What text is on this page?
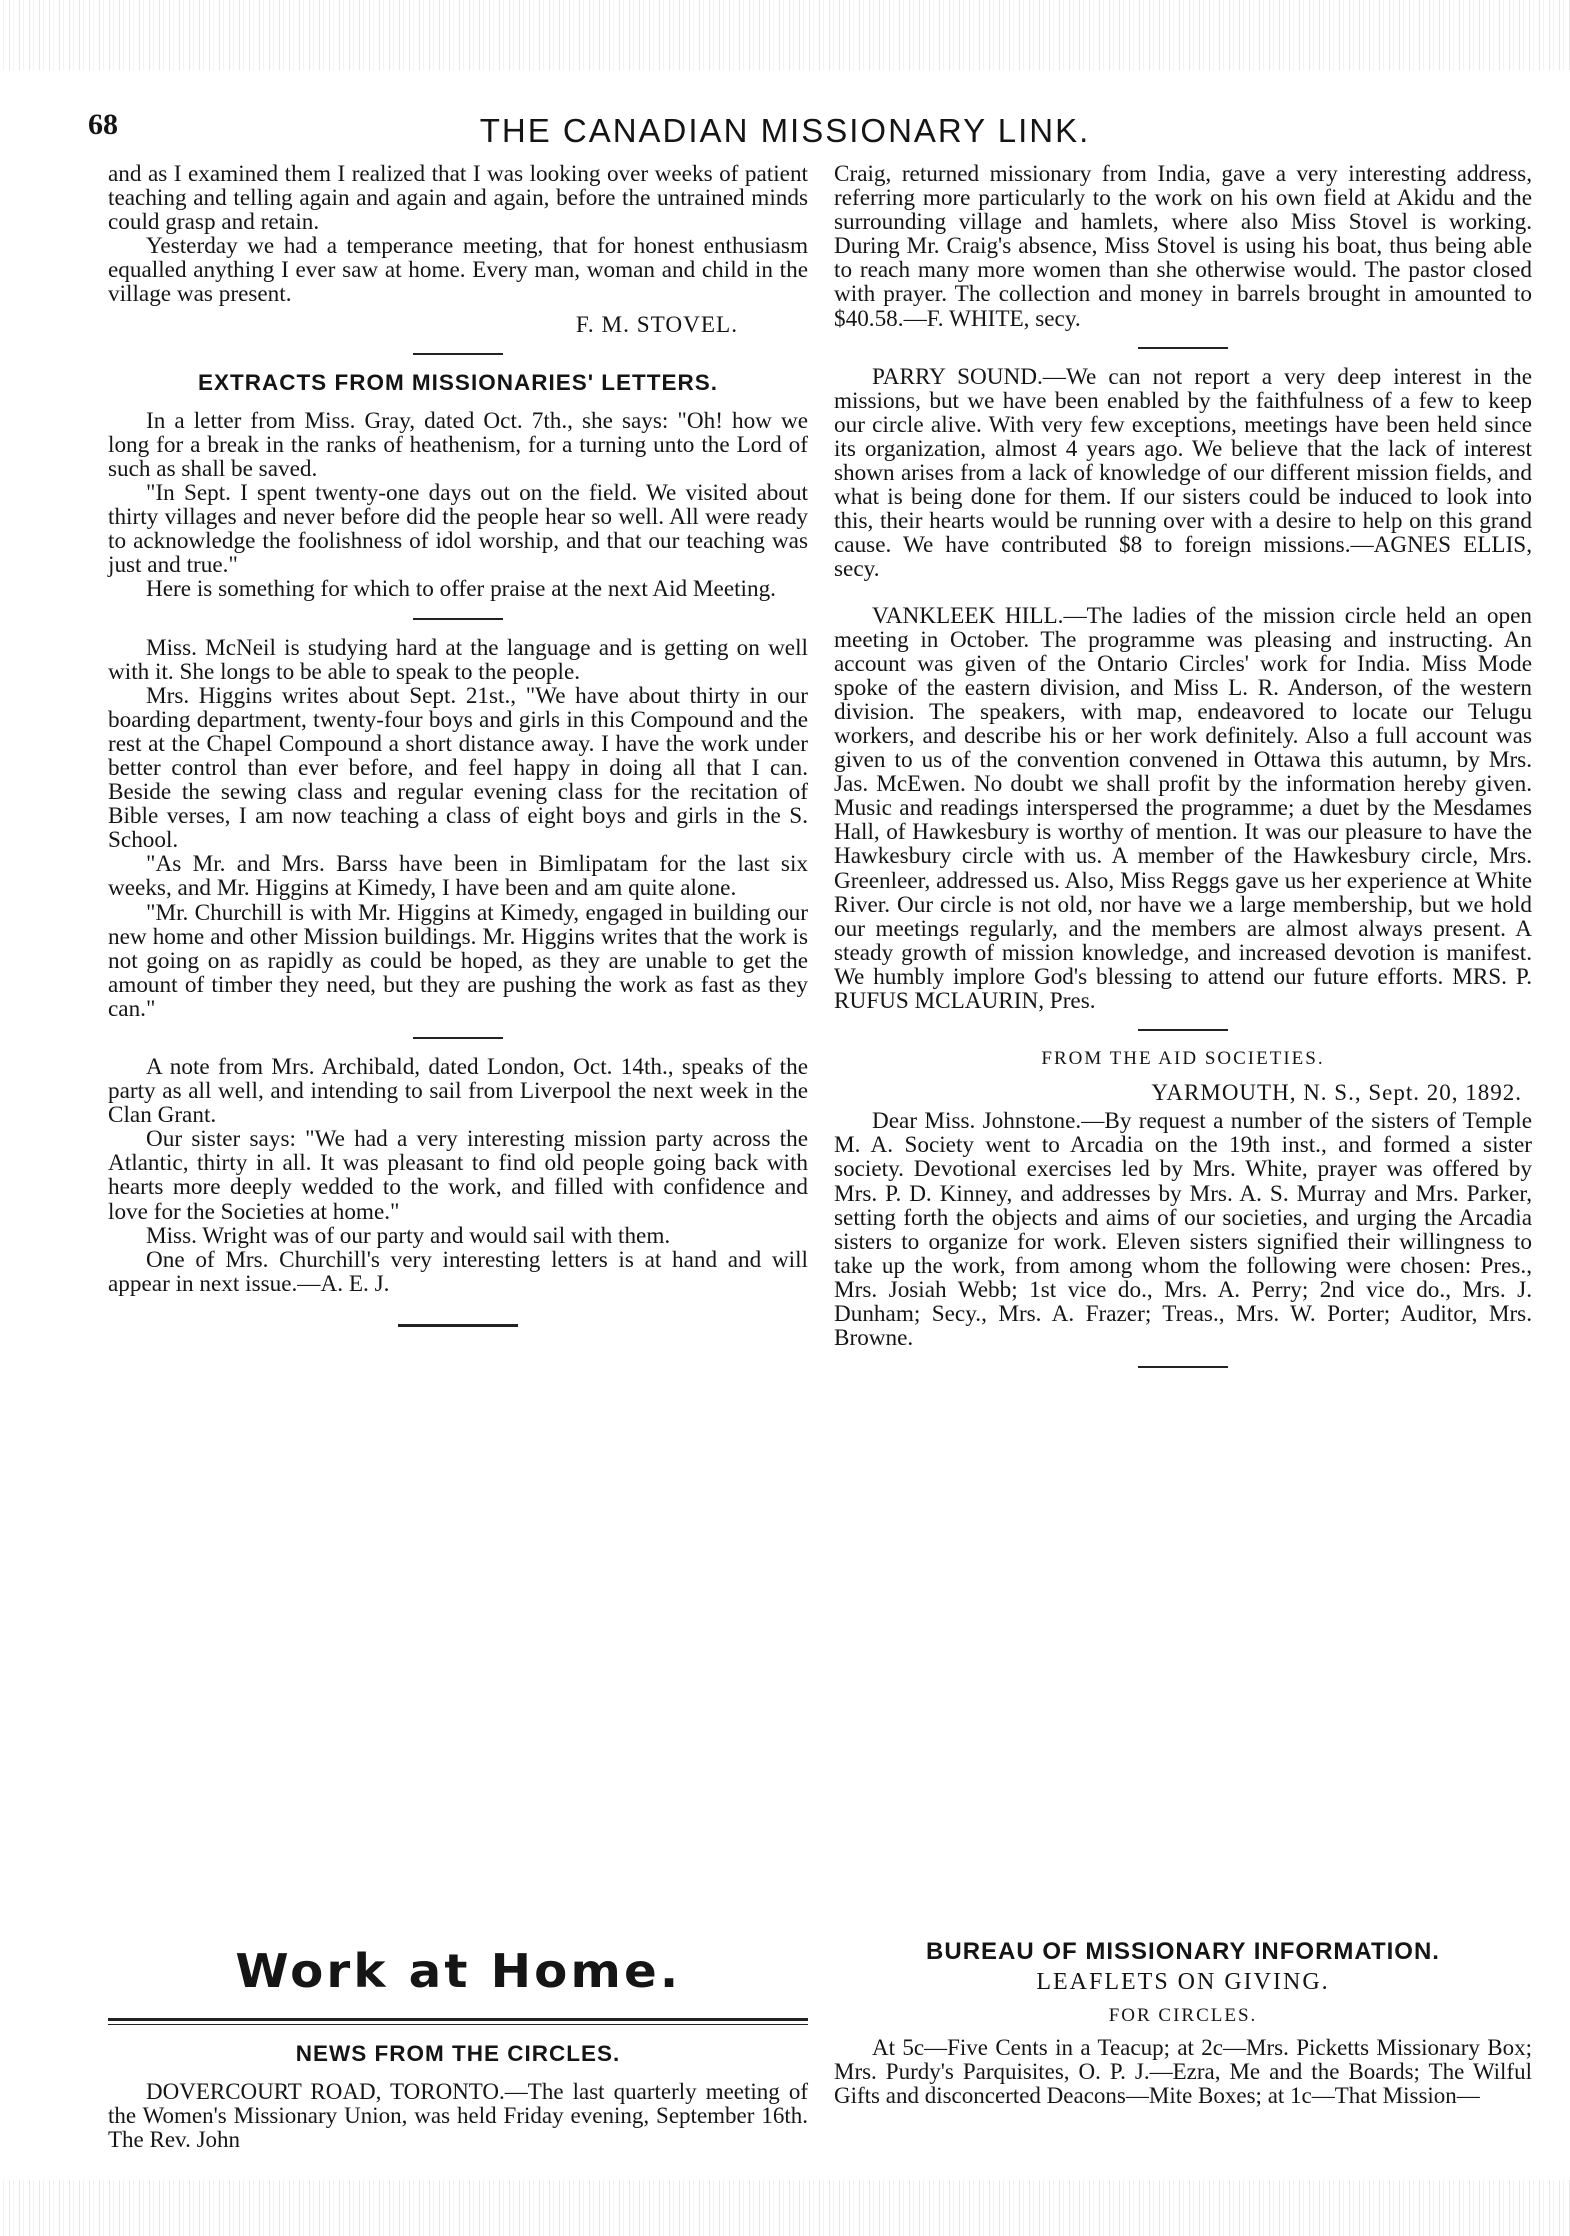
68	THE CANADIAN MISSIONARY LINK.

and as I examined them I realized that I was looking over weeks of patient teaching and telling again and again and again, before the untrained minds could grasp and retain.

Yesterday we had a temperance meeting, that for honest enthusiasm equalled anything I ever saw at home. Every man, woman and child in the village was present.

F. M. STOVEL.
EXTRACTS FROM MISSIONARIES' LETTERS.

In a letter from Miss. Gray, dated Oct. 7th., she says: "Oh! how we long for a break in the ranks of heathenism, for a turning unto the Lord of such as shall be saved.

"In Sept. I spent twenty-one days out on the field. We visited about thirty villages and never before did the people hear so well. All were ready to acknowledge the foolishness of idol worship, and that our teaching was just and true."

Here is something for which to offer praise at the next Aid Meeting.

Miss. McNeil is studying hard at the language and is getting on well with it. She longs to be able to speak to the people.

Mrs. Higgins writes about Sept. 21st., "We have about thirty in our boarding department, twenty-four boys and girls in this Compound and the rest at the Chapel Compound a short distance away. I have the work under better control than ever before, and feel happy in doing all that I can. Beside the sewing class and regular evening class for the recitation of Bible verses, I am now teaching a class of eight boys and girls in the S. School.

"As Mr. and Mrs. Barss have been in Bimlipatam for the last six weeks, and Mr. Higgins at Kimedy, I have been and am quite alone.

"Mr. Churchill is with Mr. Higgins at Kimedy, engaged in building our new home and other Mission buildings. Mr. Higgins writes that the work is not going on as rapidly as could be hoped, as they are unable to get the amount of timber they need, but they are pushing the work as fast as they can."

A note from Mrs. Archibald, dated London, Oct. 14th., speaks of the party as all well, and intending to sail from Liverpool the next week in the Clan Grant.

Our sister says: "We had a very interesting mission party across the Atlantic, thirty in all. It was pleasant to find old people going back with hearts more deeply wedded to the work, and filled with confidence and love for the Societies at home."

Miss. Wright was of our party and would sail with them.

One of Mrs. Churchill's very interesting letters is at hand and will appear in next issue.—A. E. J.

Work at Home.
NEWS FROM THE CIRCLES.

DOVERCOURT ROAD, TORONTO.—The last quarterly meeting of the Women's Missionary Union, was held Friday evening, September 16th. The Rev. John

Craig, returned missionary from India, gave a very interesting address, referring more particularly to the work on his own field at Akidu and the surrounding village and hamlets, where also Miss Stovel is working. During Mr. Craig's absence, Miss Stovel is using his boat, thus being able to reach many more women than she otherwise would. The pastor closed with prayer. The collection and money in barrels brought in amounted to $40.58.—F. WHITE, secy.

PARRY SOUND.—We can not report a very deep interest in the missions, but we have been enabled by the faithfulness of a few to keep our circle alive. With very few exceptions, meetings have been held since its organization, almost 4 years ago. We believe that the lack of interest shown arises from a lack of knowledge of our different mission fields, and what is being done for them. If our sisters could be induced to look into this, their hearts would be running over with a desire to help on this grand cause. We have contributed $8 to foreign missions.—AGNES ELLIS, secy.

VANKLEEK HILL.—The ladies of the mission circle held an open meeting in October. The programme was pleasing and instructing. An account was given of the Ontario Circles' work for India. Miss Mode spoke of the eastern division, and Miss L. R. Anderson, of the western division. The speakers, with map, endeavored to locate our Telugu workers, and describe his or her work definitely. Also a full account was given to us of the convention convened in Ottawa this autumn, by Mrs. Jas. McEwen. No doubt we shall profit by the information hereby given. Music and readings interspersed the programme; a duet by the Mesdames Hall, of Hawkesbury is worthy of mention. It was our pleasure to have the Hawkesbury circle with us. A member of the Hawkesbury circle, Mrs. Greenleer, addressed us. Also, Miss Reggs gave us her experience at White River. Our circle is not old, nor have we a large membership, but we hold our meetings regularly, and the members are almost always present. A steady growth of mission knowledge, and increased devotion is manifest. We humbly implore God's blessing to attend our future efforts. MRS. P. RUFUS MCLAURIN, Pres.

FROM THE AID SOCIETIES.
YARMOUTH, N. S., Sept. 20, 1892.

Dear Miss. Johnstone.—By request a number of the sisters of Temple M. A. Society went to Arcadia on the 19th inst., and formed a sister society. Devotional exercises led by Mrs. White, prayer was offered by Mrs. P. D. Kinney, and addresses by Mrs. A. S. Murray and Mrs. Parker, setting forth the objects and aims of our societies, and urging the Arcadia sisters to organize for work. Eleven sisters signified their willingness to take up the work, from among whom the following were chosen: Pres., Mrs. Josiah Webb; 1st vice do., Mrs. A. Perry; 2nd vice do., Mrs. J. Dunham; Secy., Mrs. A. Frazer; Treas., Mrs. W. Porter; Auditor, Mrs. Browne.

BUREAU OF MISSIONARY INFORMATION.
LEAFLETS ON GIVING.
FOR CIRCLES.

At 5c—Five Cents in a Teacup; at 2c—Mrs. Picketts Missionary Box; Mrs. Purdy's Parquisites, O. P. J.—Ezra, Me and the Boards; The Wilful Gifts and disconcerted Deacons—Mite Boxes; at 1c—That Mission—
